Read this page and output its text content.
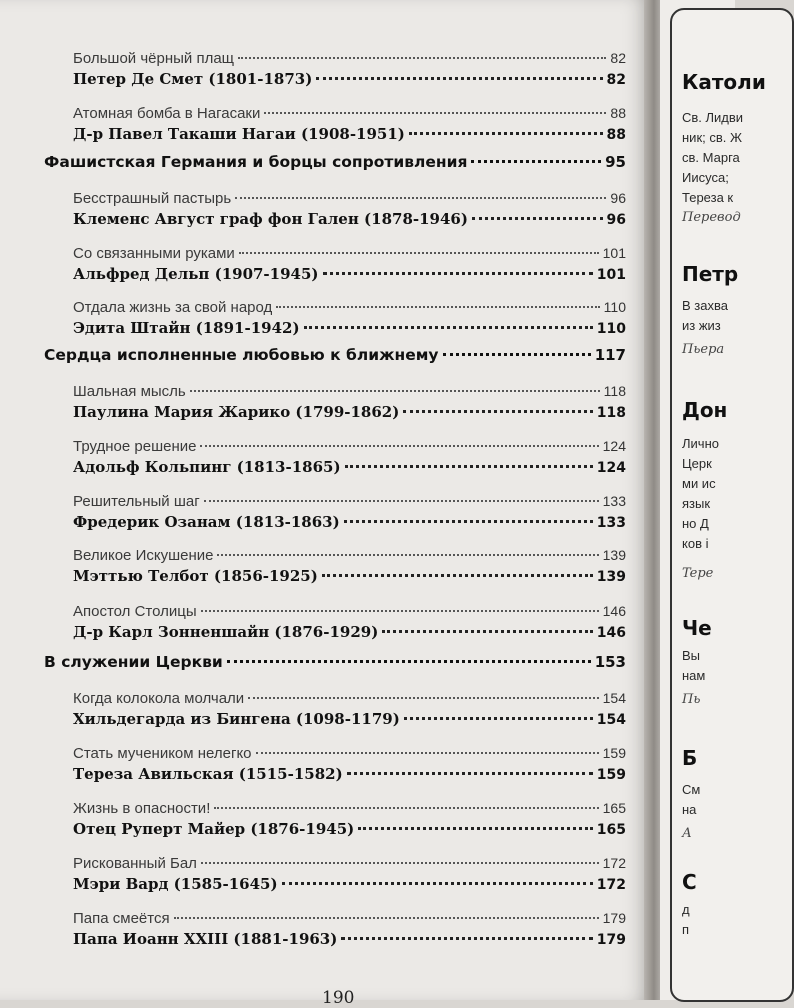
Большой чёрный плащ	82
Петер Де Смет (1801-1873)	82
Атомная бомба в Нагасаки	88
Д-р Павел Такаши Нагаи (1908-1951)	88
Фашистская Германия и борцы сопротивления	95
Бесстрашный пастырь	96
Клеменс Август граф фон Гален (1878-1946)	96
Со связанными руками	101
Альфред Дельп (1907-1945)	101
Отдала жизнь за свой народ	110
Эдита Штайн (1891-1942)	110
Сердца исполненные любовью к ближнему	117
Шальная мысль	118
Паулина Мария Жарико (1799-1862)	118
Трудное решение	124
Адольф Кольпинг (1813-1865)	124
Решительный шаг	133
Фредерик Озанам (1813-1863)	133
Великое Искушение	139
Мэттью Телбот (1856-1925)	139
Апостол Столицы	146
Д-р Карл Зонненшайн (1876-1929)	146
В служении Церкви	153
Когда колокола молчали	154
Хильдегарда из Бингена (1098-1179)	154
Стать мучеником нелегко	159
Тереза Авильская (1515-1582)	159
Жизнь в опасности!	165
Отец Руперт Майер (1876-1945)	165
Рискованный Бал	172
Мэри Вард (1585-1645)	172
Папа смеётся	179
Папа Иоанн XXIII (1881-1963)	179
190
Католи
Св. Лидви
ник; св. Ж
св. Марга
Иисуса;
Тереза к
Перевод
Петр
В захва
из жиз
Пьера
Дон
Лично
Церк
ми ис
язык
но Д
ков і
Tepe
Че
Вы
нам
Пь
Б
См
на
А
С
д
п
